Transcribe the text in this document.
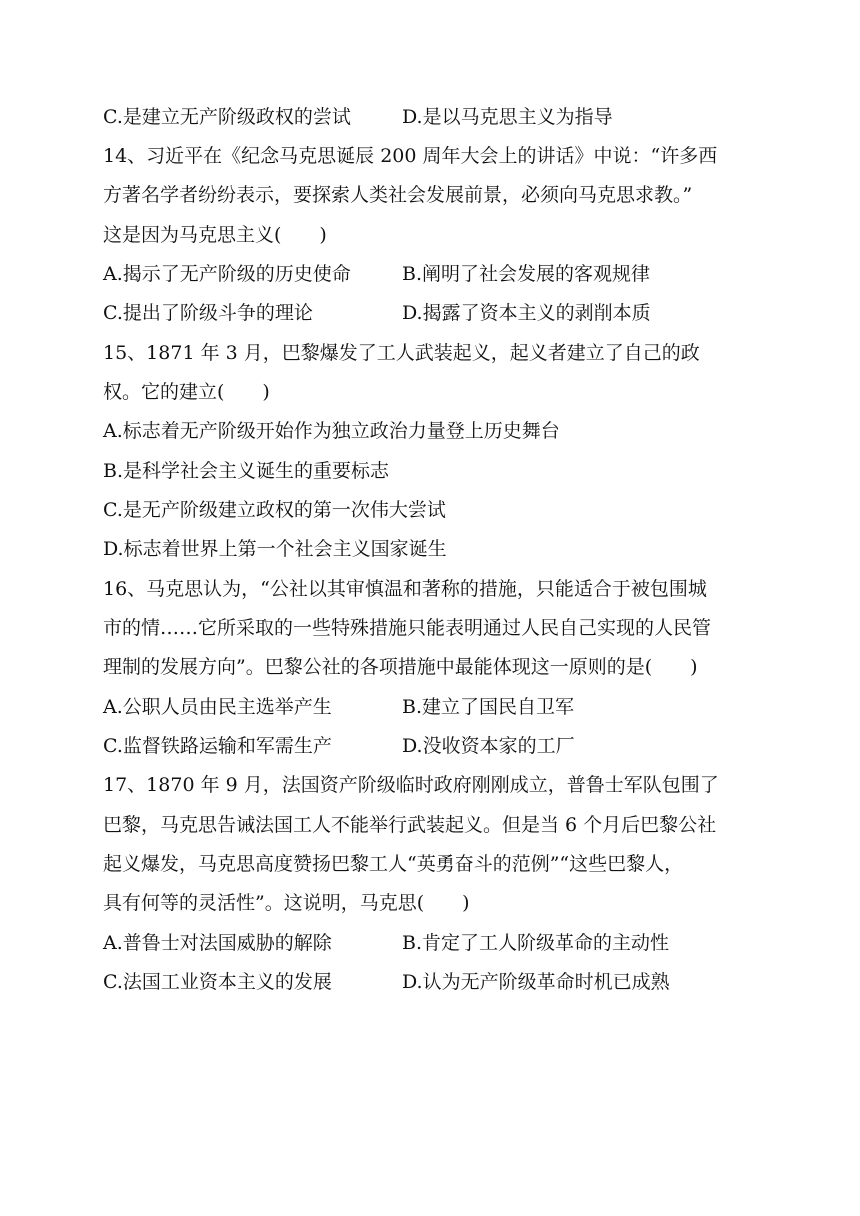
C.是建立无产阶级政权的尝试	D.是以马克思主义为指导
14、习近平在《纪念马克思诞辰 200 周年大会上的讲话》中说：“许多西
方著名学者纷纷表示，要探索人类社会发展前景，必须向马克思求教。”
这是因为马克思主义(　　)
A.揭示了无产阶级的历史使命	B.阐明了社会发展的客观规律
C.提出了阶级斗争的理论	D.揭露了资本主义的剥削本质
15、1871 年 3 月，巴黎爆发了工人武装起义，起义者建立了自己的政
权。它的建立(　　)
A.标志着无产阶级开始作为独立政治力量登上历史舞台
B.是科学社会主义诞生的重要标志
C.是无产阶级建立政权的第一次伟大尝试
D.标志着世界上第一个社会主义国家诞生
16、马克思认为，“公社以其审慎温和著称的措施，只能适合于被包围城
市的情……它所采取的一些特殊措施只能表明通过人民自己实现的人民管
理制的发展方向”。巴黎公社的各项措施中最能体现这一原则的是(　　)
A.公职人员由民主选举产生	B.建立了国民自卫军
C.监督铁路运输和军需生产	D.没收资本家的工厂
17、1870 年 9 月，法国资产阶级临时政府刚刚成立，普鲁士军队包围了
巴黎，马克思告诫法国工人不能举行武装起义。但是当 6 个月后巴黎公社
起义爆发，马克思高度赞扬巴黎工人“英勇奋斗的范例”“这些巴黎人，
具有何等的灵活性”。这说明，马克思(　　)
A.普鲁士对法国威胁的解除	B.肯定了工人阶级革命的主动性
C.法国工业资本主义的发展	D.认为无产阶级革命时机已成熟
